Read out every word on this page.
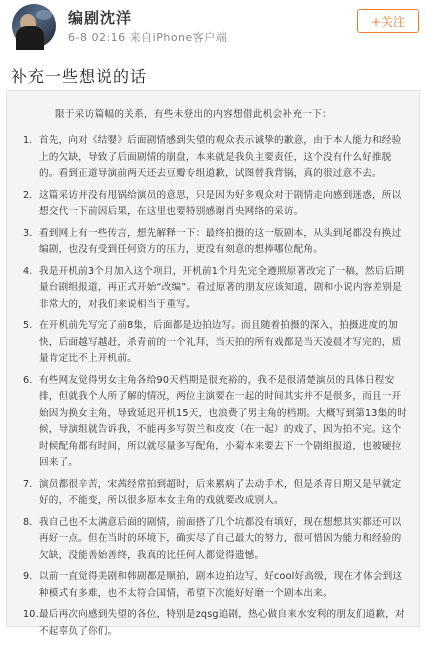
编剧沈洋
6-8 02:16 来自iPhone客户端
+关注
补充一些想说的话
限于采访篇幅的关系，有些未登出的内容想借此机会补充一下：
1. 首先，向对《结婴》后面剧情感到失望的观众表示诚挚的歉意，由于本人能力和经验上的欠缺，导致了后面剧情的崩盘，本来就是我负主要责任，这个没有什么好推脱的。看到正道导演前两天还去豆瓣专组道歉，试图替我背锅，真的很过意不去。
2. 这篇采访并没有甩锅给演员的意思，只是因为好多观众对于剧情走向感到迷惑，所以想交代一下前因后果，在这里也要特别感谢肖央网络的采访。
3. 看到网上有一些传言，想先解释一下：最终拍摄的这一版剧本，从头到尾都没有换过编剧，也没有受到任何资方的压力，更没有刻意的想捧哪位配角。
4. 我是开机前3个月加入这个项目，开机前1个月先完全遵照原著改完了一稿，然后后期量台剧组报道，再正式开始“改编”。看过原著的朋友应该知道，剧和小说内容差别是非常大的，对我们来说相当于重写。
5. 在开机前先写完了前8集，后面都是边拍边写。而且随着拍摄的深入，拍摄进度的加快，后面越写越赶，杀青前的一个礼拜，当天拍的所有戏都是当天凌晨才写完的，质量肯定比不上开机前。
6. 有些网友觉得男女主角各给90天档期是很充裕的，我不是很清楚演员的具体日程安排，但就我个人所了解的情况，两位主演要在一起的时间其实并不是很多，而且一开始因为换女主角，导致延迟开机15天，也浪费了男主角的档期。大概写到第13集的时候，导演组就告诉我，不能再多写贺兰和皮皮（在一起）的戏了，因为拍不完。这个时候配角都有时间，所以就尽量多写配角，小菊本来要去下一个剧组报道，也被硬拉回来了。
7. 演员都很辛苦，宋茜经常拍到超时，后来累病了去动手术，但是杀青日期又是早就定好的，不能变，所以很多原本女主角的戏就要改成别人。
8. 我自己也不太满意后面的剧情，前面搭了几个坑都没有填好，现在想想其实都还可以再好一点。但在当时的环境下，确实尽了自己最大的努力，很可惜因为能力和经验的欠缺，没能善始善终，我真的比任何人都觉得遗憾。
9. 以前一直觉得美剧和韩剧都是顺拍，剧本边拍边写，好cool好高级，现在才体会到这种模式有多难，也不太符合国情，希望下次能好好磨一个剧本出来。
10. 最后再次向感到失望的各位，特别是zqsg追剧，热心做自来水安利的朋友们道歉，对不起辜负了你们。
